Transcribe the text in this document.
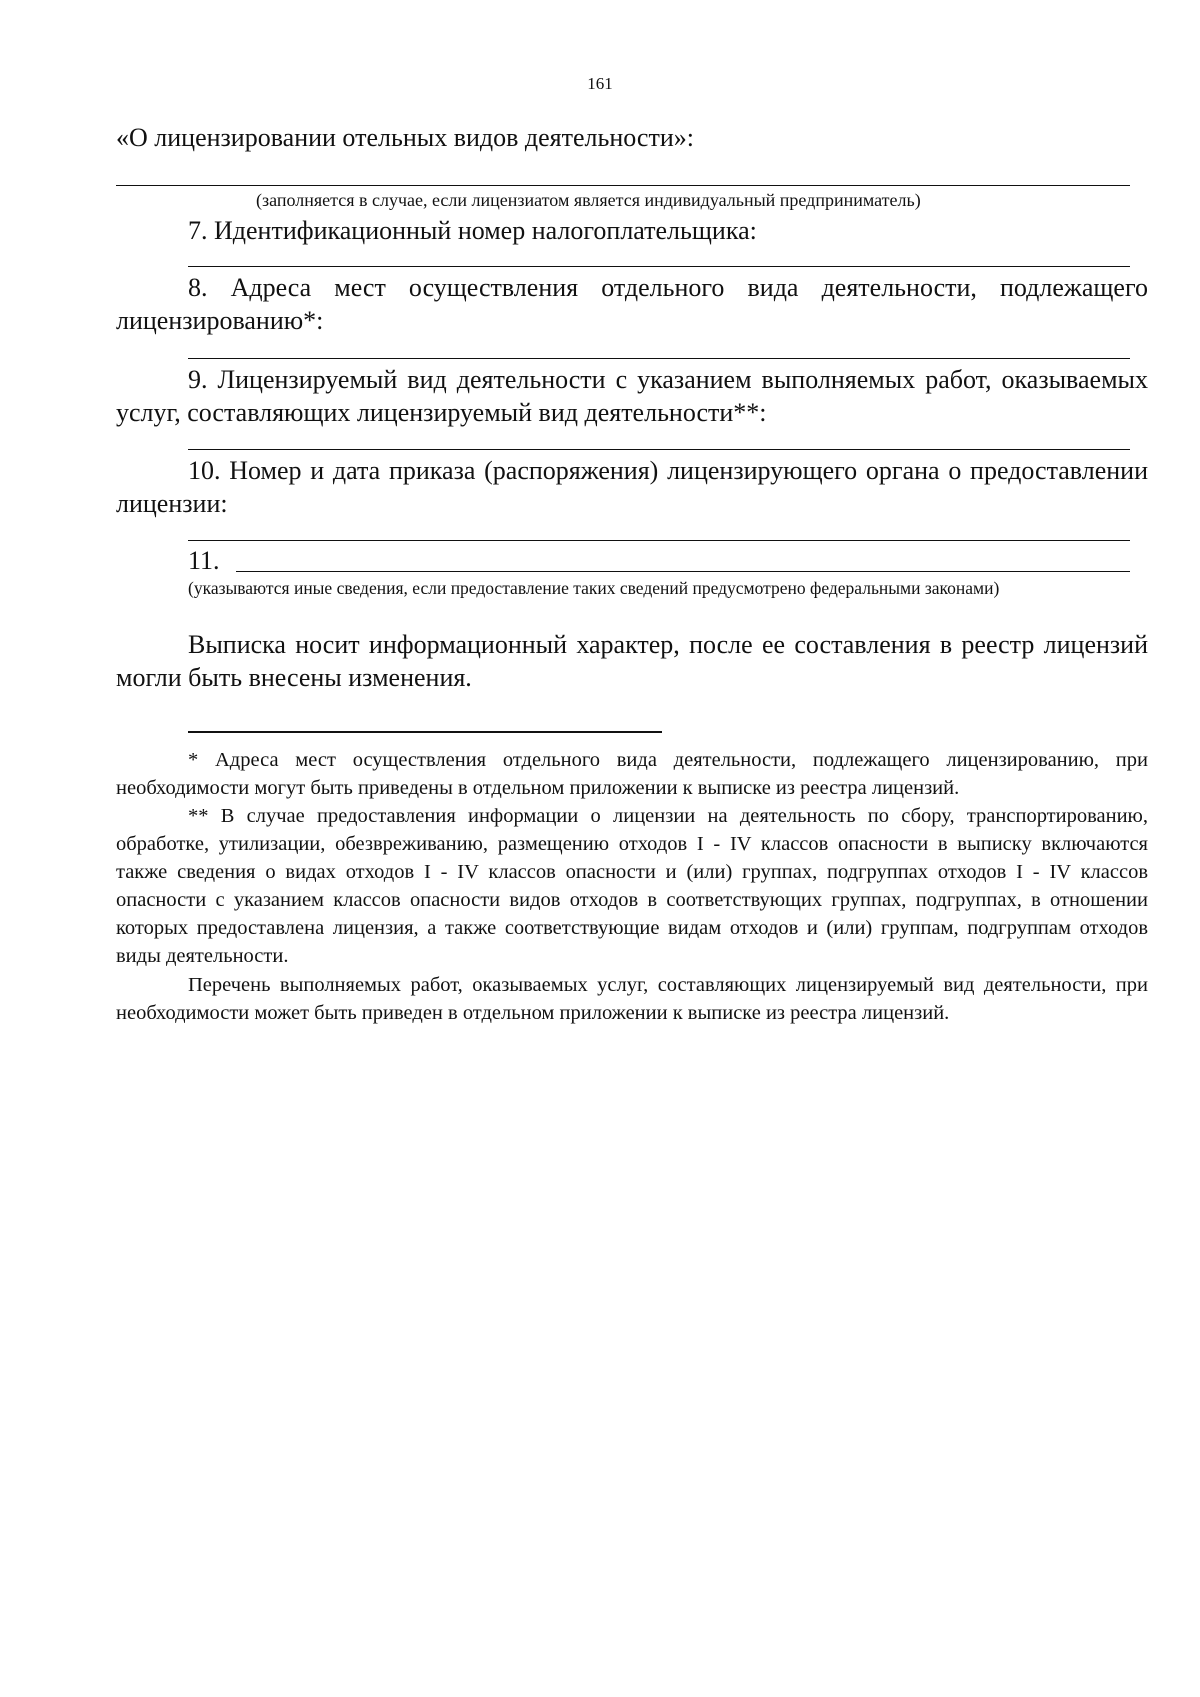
161
«О лицензировании отельных видов деятельности»:
(заполняется в случае, если лицензиатом является индивидуальный предприниматель)
7. Идентификационный номер налогоплательщика:
8. Адреса мест осуществления отдельного вида деятельности, подлежащего лицензированию*:
9. Лицензируемый вид деятельности с указанием выполняемых работ, оказываемых услуг, составляющих лицензируемый вид деятельности**:
10. Номер и дата приказа (распоряжения) лицензирующего органа о предоставлении лицензии:
11.
(указываются иные сведения, если предоставление таких сведений предусмотрено федеральными законами)
Выписка носит информационный характер, после ее составления в реестр лицензий могли быть внесены изменения.
* Адреса мест осуществления отдельного вида деятельности, подлежащего лицензированию, при необходимости могут быть приведены в отдельном приложении к выписке из реестра лицензий.
** В случае предоставления информации о лицензии на деятельность по сбору, транспортированию, обработке, утилизации, обезвреживанию, размещению отходов I - IV классов опасности в выписку включаются также сведения о видах отходов I - IV классов опасности и (или) группах, подгруппах отходов I - IV классов опасности с указанием классов опасности видов отходов в соответствующих группах, подгруппах, в отношении которых предоставлена лицензия, а также соответствующие видам отходов и (или) группам, подгруппам отходов виды деятельности.
Перечень выполняемых работ, оказываемых услуг, составляющих лицензируемый вид деятельности, при необходимости может быть приведен в отдельном приложении к выписке из реестра лицензий.
